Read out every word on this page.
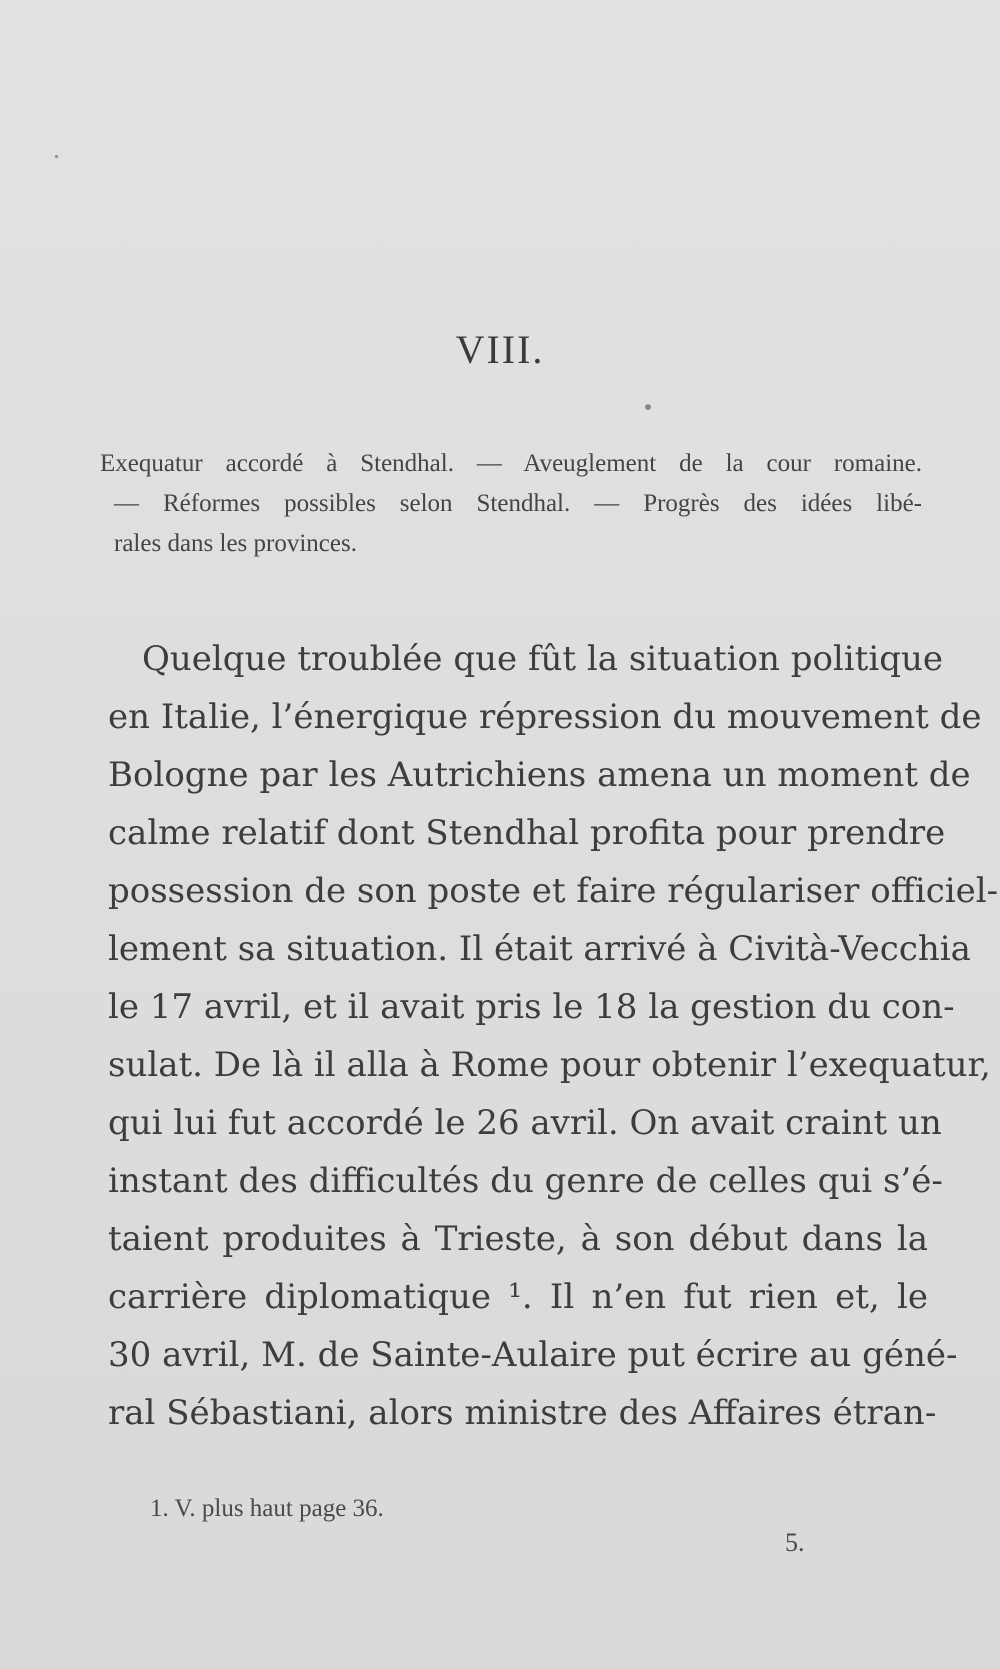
VIII.
Exequatur accordé à Stendhal. — Aveuglement de la cour romaine.
— Réformes possibles selon Stendhal. — Progrès des idées libé-
rales dans les provinces.
Quelque troublée que fût la situation politique
en Italie, l’énergique répression du mouvement de
Bologne par les Autrichiens amena un moment de
calme relatif dont Stendhal profita pour prendre
possession de son poste et faire régulariser officiel-
lement sa situation. Il était arrivé à Cività-Vecchia
le 17 avril, et il avait pris le 18 la gestion du con-
sulat. De là il alla à Rome pour obtenir l’exequatur,
qui lui fut accordé le 26 avril. On avait craint un
instant des difficultés du genre de celles qui s’é-
taient produites à Trieste, à son début dans la
carrière diplomatique ¹. Il n’en fut rien et, le
30 avril, M. de Sainte-Aulaire put écrire au géné-
ral Sébastiani, alors ministre des Affaires étran-
1. V. plus haut page 36.
5.
